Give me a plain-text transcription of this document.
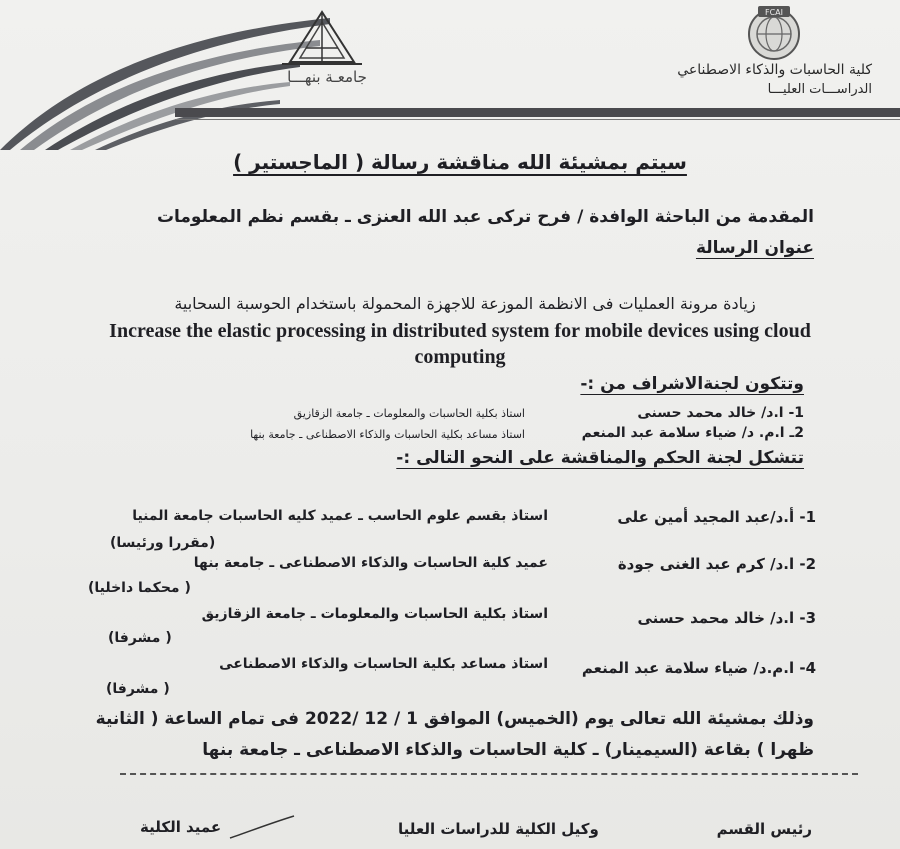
جامعـة بنهـــا
FCAI
كلية الحاسبات والذكاء الاصطناعي
الدراســـات العليـــا
سيتم بمشيئة الله مناقشة رسالة ( الماجستير )
المقدمة من الباحثة الوافدة / فرح تركى عبد الله العنزى ـ بقسم نظم المعلومات
عنوان الرسالة
زيادة مرونة العمليات فى الانظمة الموزعة للاجهزة المحمولة باستخدام الحوسبة السحابية
Increase the elastic processing in distributed system for mobile devices using cloud computing
وتتكون لجنةالاشراف من :-
1- ا.د/ خالد محمد حسنى
استاذ بكلية الحاسبات والمعلومات ـ جامعة الزقازيق
2ـ ا.م. د/ ضياء سلامة عبد المنعم
استاذ مساعد بكلية الحاسبات والذكاء الاصطناعى ـ جامعة بنها
تتشكل لجنة الحكم والمناقشة على النحو التالى :-
1- أ.د/عبد المجيد أمين على
استاذ بقسم علوم الحاسب ـ عميد كليه الحاسبات جامعة المنيا
(مقررا ورئيسا)
2- ا.د/ كرم عبد الغنى جودة
عميد كلية الحاسبات والذكاء الاصطناعى ـ جامعة بنها
( محكما داخليا)
3- ا.د/ خالد محمد حسنى
استاذ بكلية الحاسبات والمعلومات ـ جامعة الزقازيق
( مشرفا)
4- ا.م.د/ ضياء سلامة عبد المنعم
استاذ مساعد بكلية الحاسبات والذكاء الاصطناعى
( مشرفا)
وذلك بمشيئة الله تعالى يوم (الخميس) الموافق 1 / 12 /2022 فى تمام الساعة ( الثانية
ظهرا ) بقاعة (السيمينار) ـ كلية الحاسبات والذكاء الاصطناعى ـ جامعة بنها
رئيس القسم
وكيل الكلية للدراسات العليا
عميد الكلية
